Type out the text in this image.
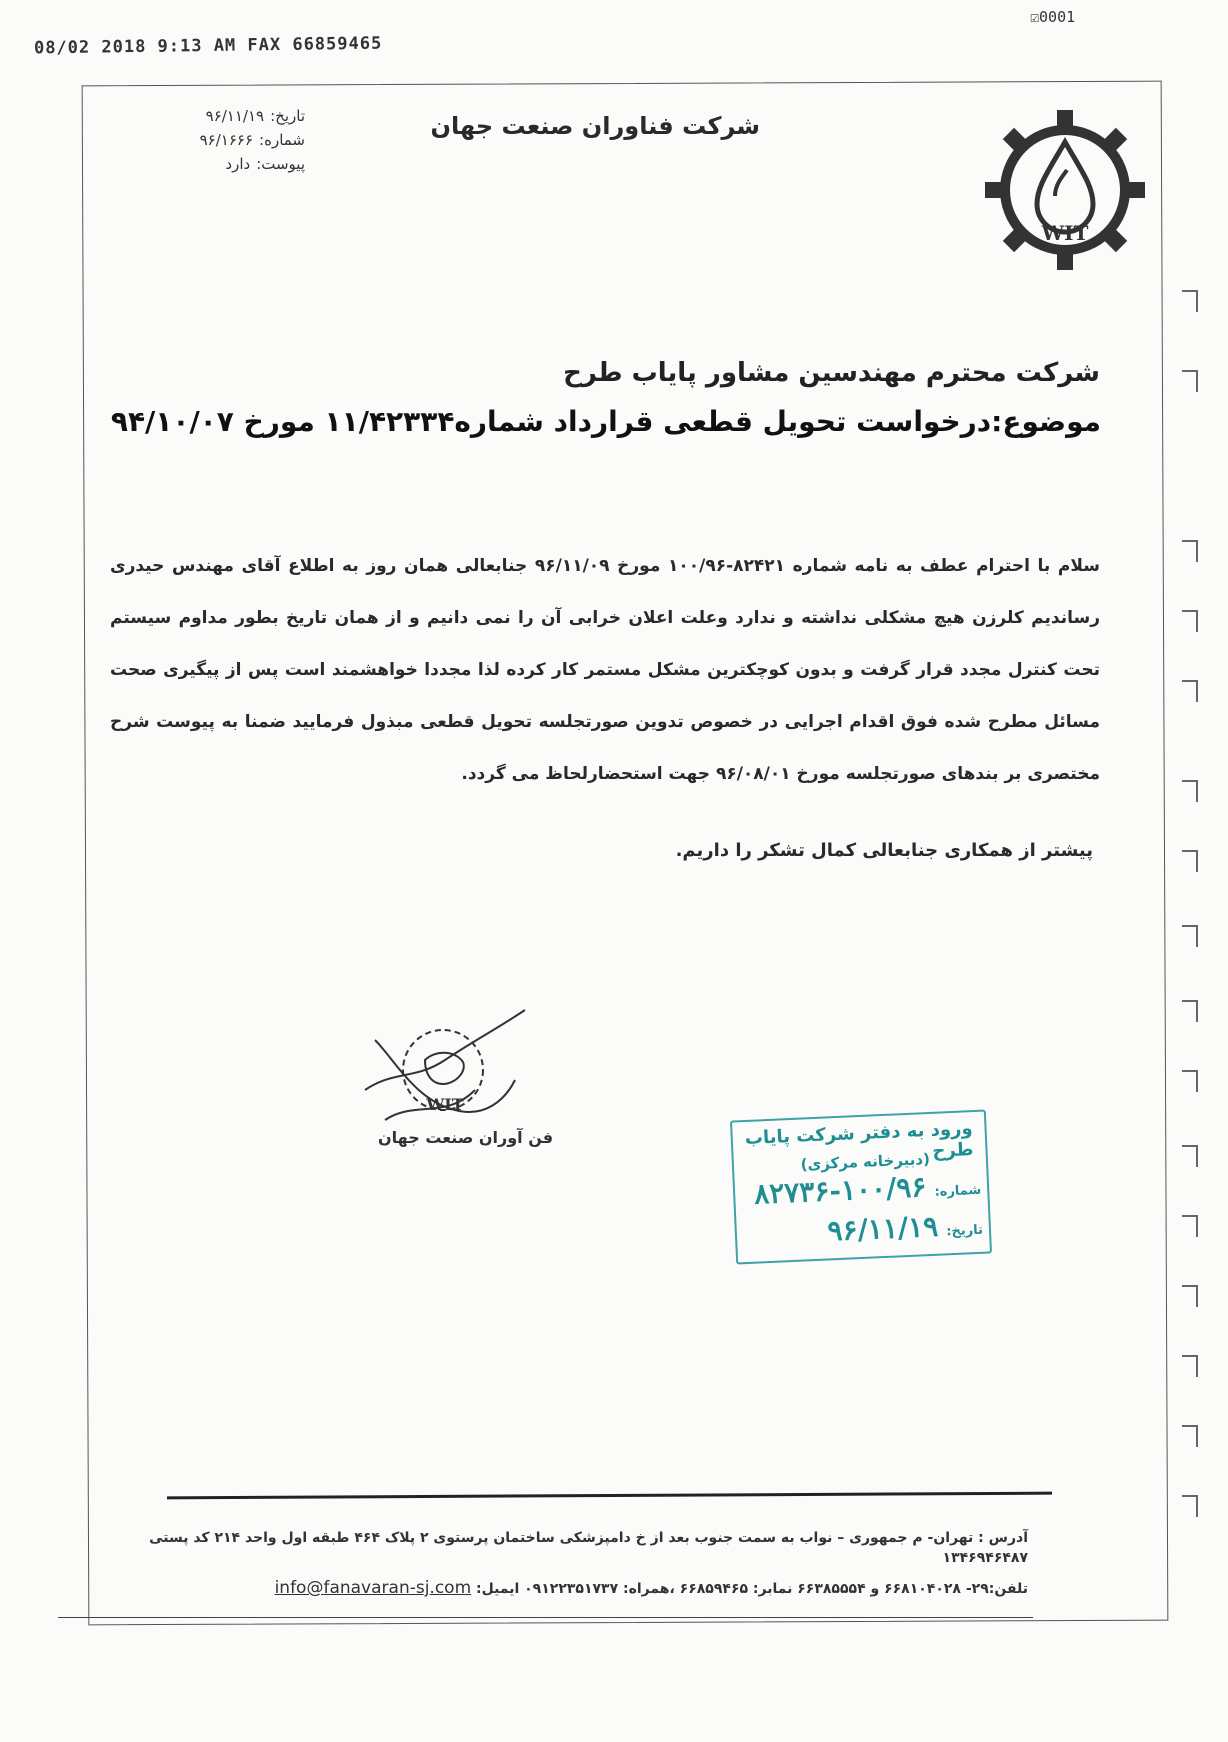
☑0001
08/02 2018 9:13 AM FAX 66859465
WIT
شرکت فناوران صنعت جهان
تاریخ:۹۶/۱۱/۱۹
شماره:۹۶/۱۶۶۶
پیوست:دارد
شرکت محترم مهندسین مشاور پایاب طرح
موضوع:درخواست تحویل قطعی قرارداد شماره۱۱/۴۲۳۳۴ مورخ ۹۴/۱۰/۰۷
سلام با احترام عطف به نامه شماره ۸۲۴۲۱-۱۰۰/۹۶ مورخ ۹۶/۱۱/۰۹ جنابعالی همان روز به اطلاع آقای مهندس حیدری رساندیم کلرزن هیچ مشکلی نداشته و ندارد وعلت اعلان خرابی آن را نمی دانیم و از همان تاریخ بطور مداوم سیستم تحت کنترل مجدد قرار گرفت و بدون کوچکترین مشکل مستمر کار کرده لذا مجددا خواهشمند است پس از پیگیری صحت مسائل مطرح شده فوق اقدام اجرایی در خصوص تدوین صورتجلسه تحویل قطعی مبذول فرمایید ضمنا به پیوست شرح مختصری بر بندهای صورتجلسه مورخ ۹۶/۰۸/۰۱ جهت استحضارلحاظ می گردد.
پیشتر از همکاری جنابعالی کمال تشکر را داریم.
WIT
فن آوران صنعت جهان	ورود به دفتر شرکت پایاب طرح
(دبیرخانه مرکزی)
شماره:۱۰۰/۹۶-۸۲۷۳۶
تاریخ:۹۶/۱۱/۱۹
آدرس : تهران- م جمهوری – نواب به سمت جنوب بعد از خ دامپزشکی ساختمان پرستوی ۲ پلاک ۴۶۴ طبقه اول واحد ۲۱۴ کد پستی ۱۳۴۶۹۴۶۴۸۷
تلفن:۲۹- ۶۶۸۱۰۴۰۲۸ و ۶۶۳۸۵۵۵۴ نمابر: ۶۶۸۵۹۴۶۵ ،همراه: ۰۹۱۲۲۳۵۱۷۳۷ ایمیل: info@fanavaran-sj.com
